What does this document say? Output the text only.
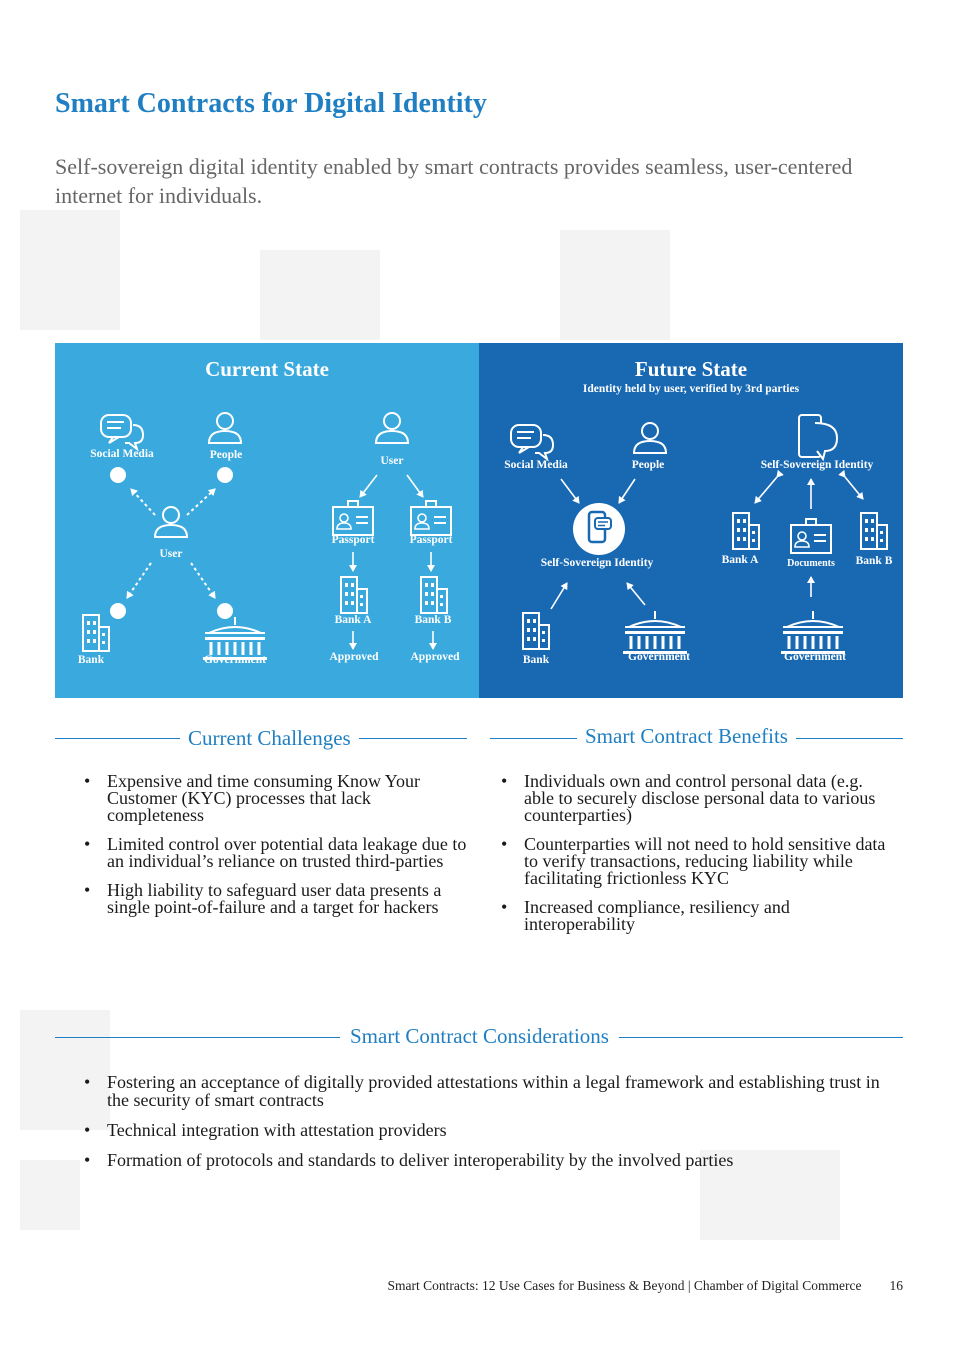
Smart Contracts for Digital Identity

Self-sovereign digital identity enabled by smart contracts provides seamless, user-centered internet for individuals.

Current State
Social Media	People
User
Bank	Government
User
Passport	Passport
Bank A	Bank B
Approved	Approved
Future State
Identity held by user, verified by 3rd parties
Social Media	People
Self-Sovereign Identity
Bank	Government
Self-Sovereign Identity
Bank A	Documents Bank B
Government
Current Challenges	Smart Contract Benefits
• Expensive and time consuming Know Your Customer (KYC) processes that lack completeness
• Limited control over potential data leakage due to an individual’s reliance on trusted third-parties
• High liability to safeguard user data presents a single point-of-failure and a target for hackers
• Individuals own and control personal data (e.g. able to securely disclose personal data to various counterparties)
• Counterparties will not need to hold sensitive data to verify transactions, reducing liability while facilitating frictionless KYC
• Increased compliance, resiliency and interoperability
Smart Contract Considerations
• Fostering an acceptance of digitally provided attestations within a legal framework and establishing trust in the security of smart contracts
• Technical integration with attestation providers
• Formation of protocols and standards to deliver interoperability by the involved parties
Smart Contracts: 12 Use Cases for Business & Beyond | Chamber of Digital Commerce 16
